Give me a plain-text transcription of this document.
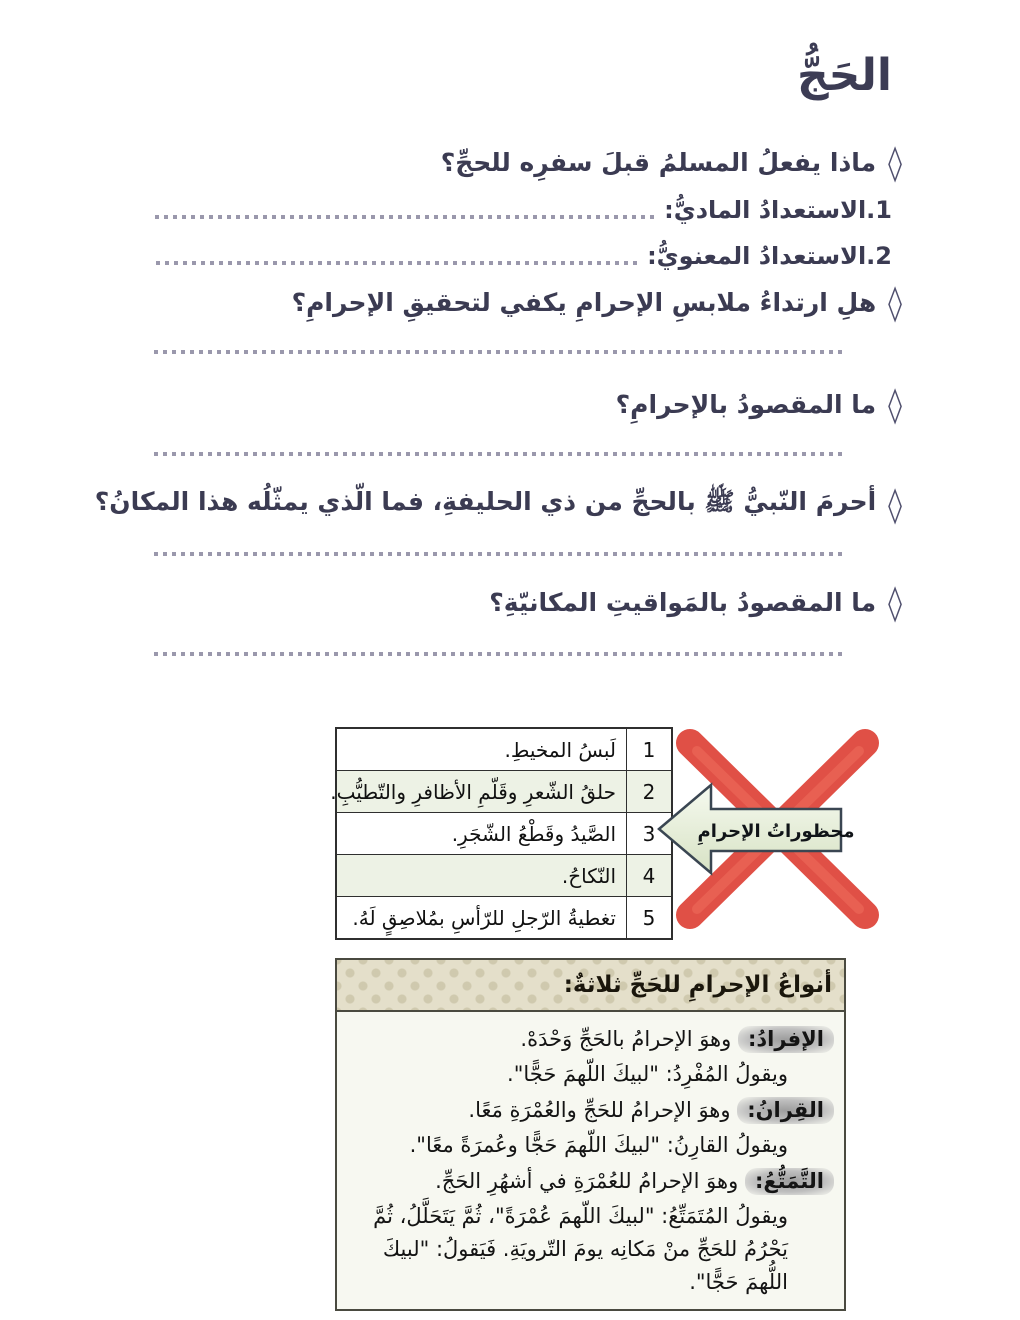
الحَجُّ
◊
ماذا يفعلُ المسلمُ قبلَ سفرِه للحجِّ؟
1.الاستعدادُ الماديُّ:
2.الاستعدادُ المعنويُّ:
◊
هلِ ارتداءُ ملابسِ الإحرامِ يكفي لتحقيقِ الإحرامِ؟
◊
ما المقصودُ بالإحرامِ؟
◊
أحرمَ النّبيُّ ﷺ بالحجِّ من ذي الحليفةِ، فما الّذي يمثّلُه هذا المكانُ؟
◊
ما المقصودُ بالمَواقيتِ المكانيّةِ؟
1
لَبسُ المخيطِ.
2
حلقُ الشّعرِ وقَلّمِ الأظافرِ والتّطيُّبِ.
3
الصَّيدُ وقَطْعُ الشّجَرِ.
4
النّكاحُ.
5
تغطيةُ الرّجلِ للرّأسِ بمُلاصِقٍ لَهُ.
محظوراتُ الإحرامِ
أنواعُ الإحرامِ للحَجِّ ثلاثةٌ:
الإفرادُ: وهوَ الإحرامُ بالحَجِّ وَحْدَهْ.
ويقولُ المُفْرِدُ: "لبيكَ اللّهمَ حَجًّا".
القِرانُ: وهوَ الإحرامُ للحَجِّ والعُمْرَةِ مَعًا.
ويقولُ القارِنُ: "لبيكَ اللّهمَ حَجًّا وعُمرَةً معًا".
التَّمَتُّعُ: وهوَ الإحرامُ للعُمْرَةِ في أشهُرِ الحَجِّ.
ويقولُ المُتَمَتِّعُ: "لبيكَ اللّهمَ عُمْرَةً"، ثُمَّ يَتَحَلَّلُ، ثُمَّ يَحْرُمُ للحَجِّ منْ مَكانِه يومَ التّرويَةِ. فَيَقولُ: "لبيكَ اللُّهمَ حَجًّا".
